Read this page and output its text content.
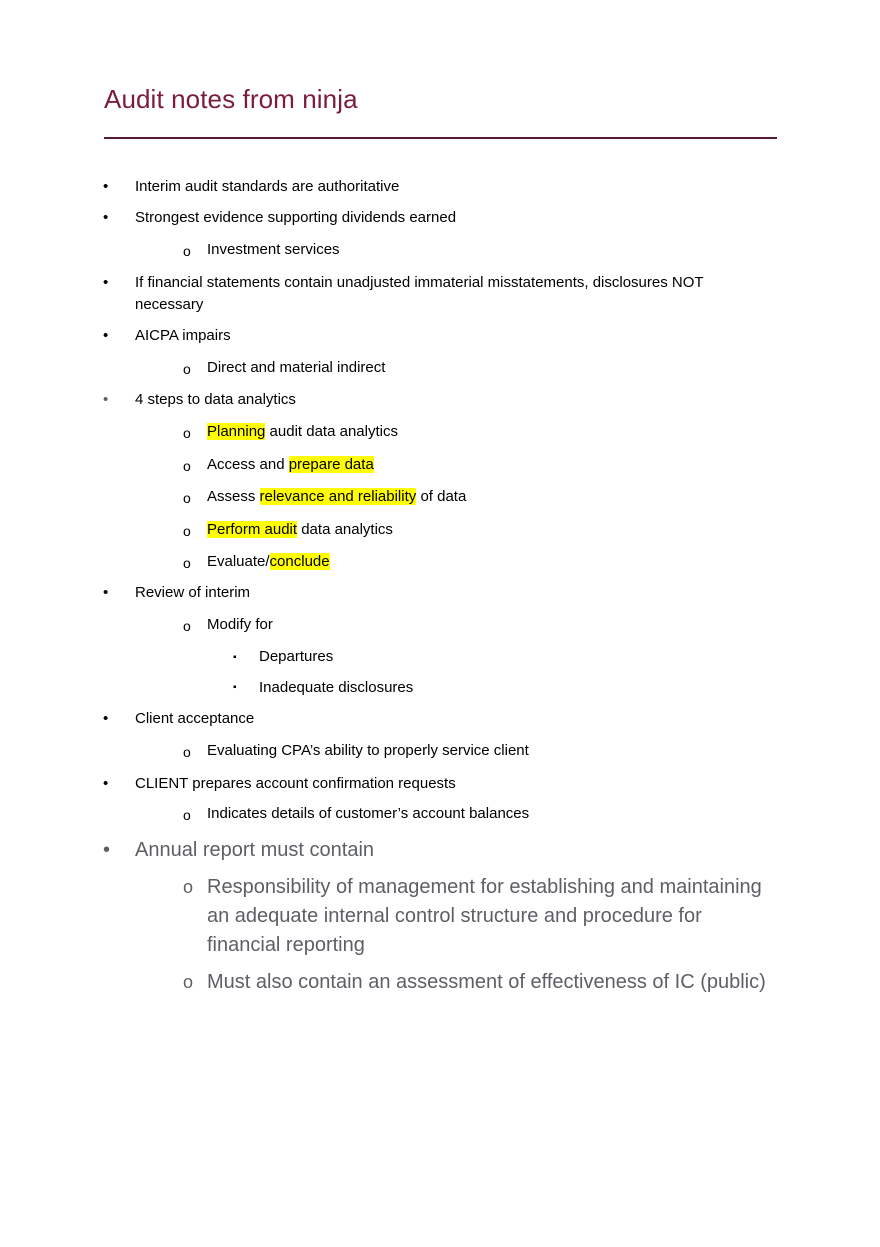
Audit notes from ninja
• Interim audit standards are authoritative
• Strongest evidence supporting dividends earned
o Investment services
• If financial statements contain unadjusted immaterial misstatements, disclosures NOT
necessary
• AICPA impairs
o Direct and material indirect
• 4 steps to data analytics
o Planning audit data analytics
o Access and prepare data
o Assess relevance and reliability of data
o Perform audit data analytics
o Evaluate/conclude
• Review of interim
o Modify for
▪ Departures
▪ Inadequate disclosures
• Client acceptance
o Evaluating CPA’s ability to properly service client
• CLIENT prepares account confirmation requests
o Indicates details of customer’s account balances
• Annual report must contain
o Responsibility of management for establishing and maintaining an adequate internal control structure and procedure for financial reporting
o Must also contain an assessment of effectiveness of IC (public)
